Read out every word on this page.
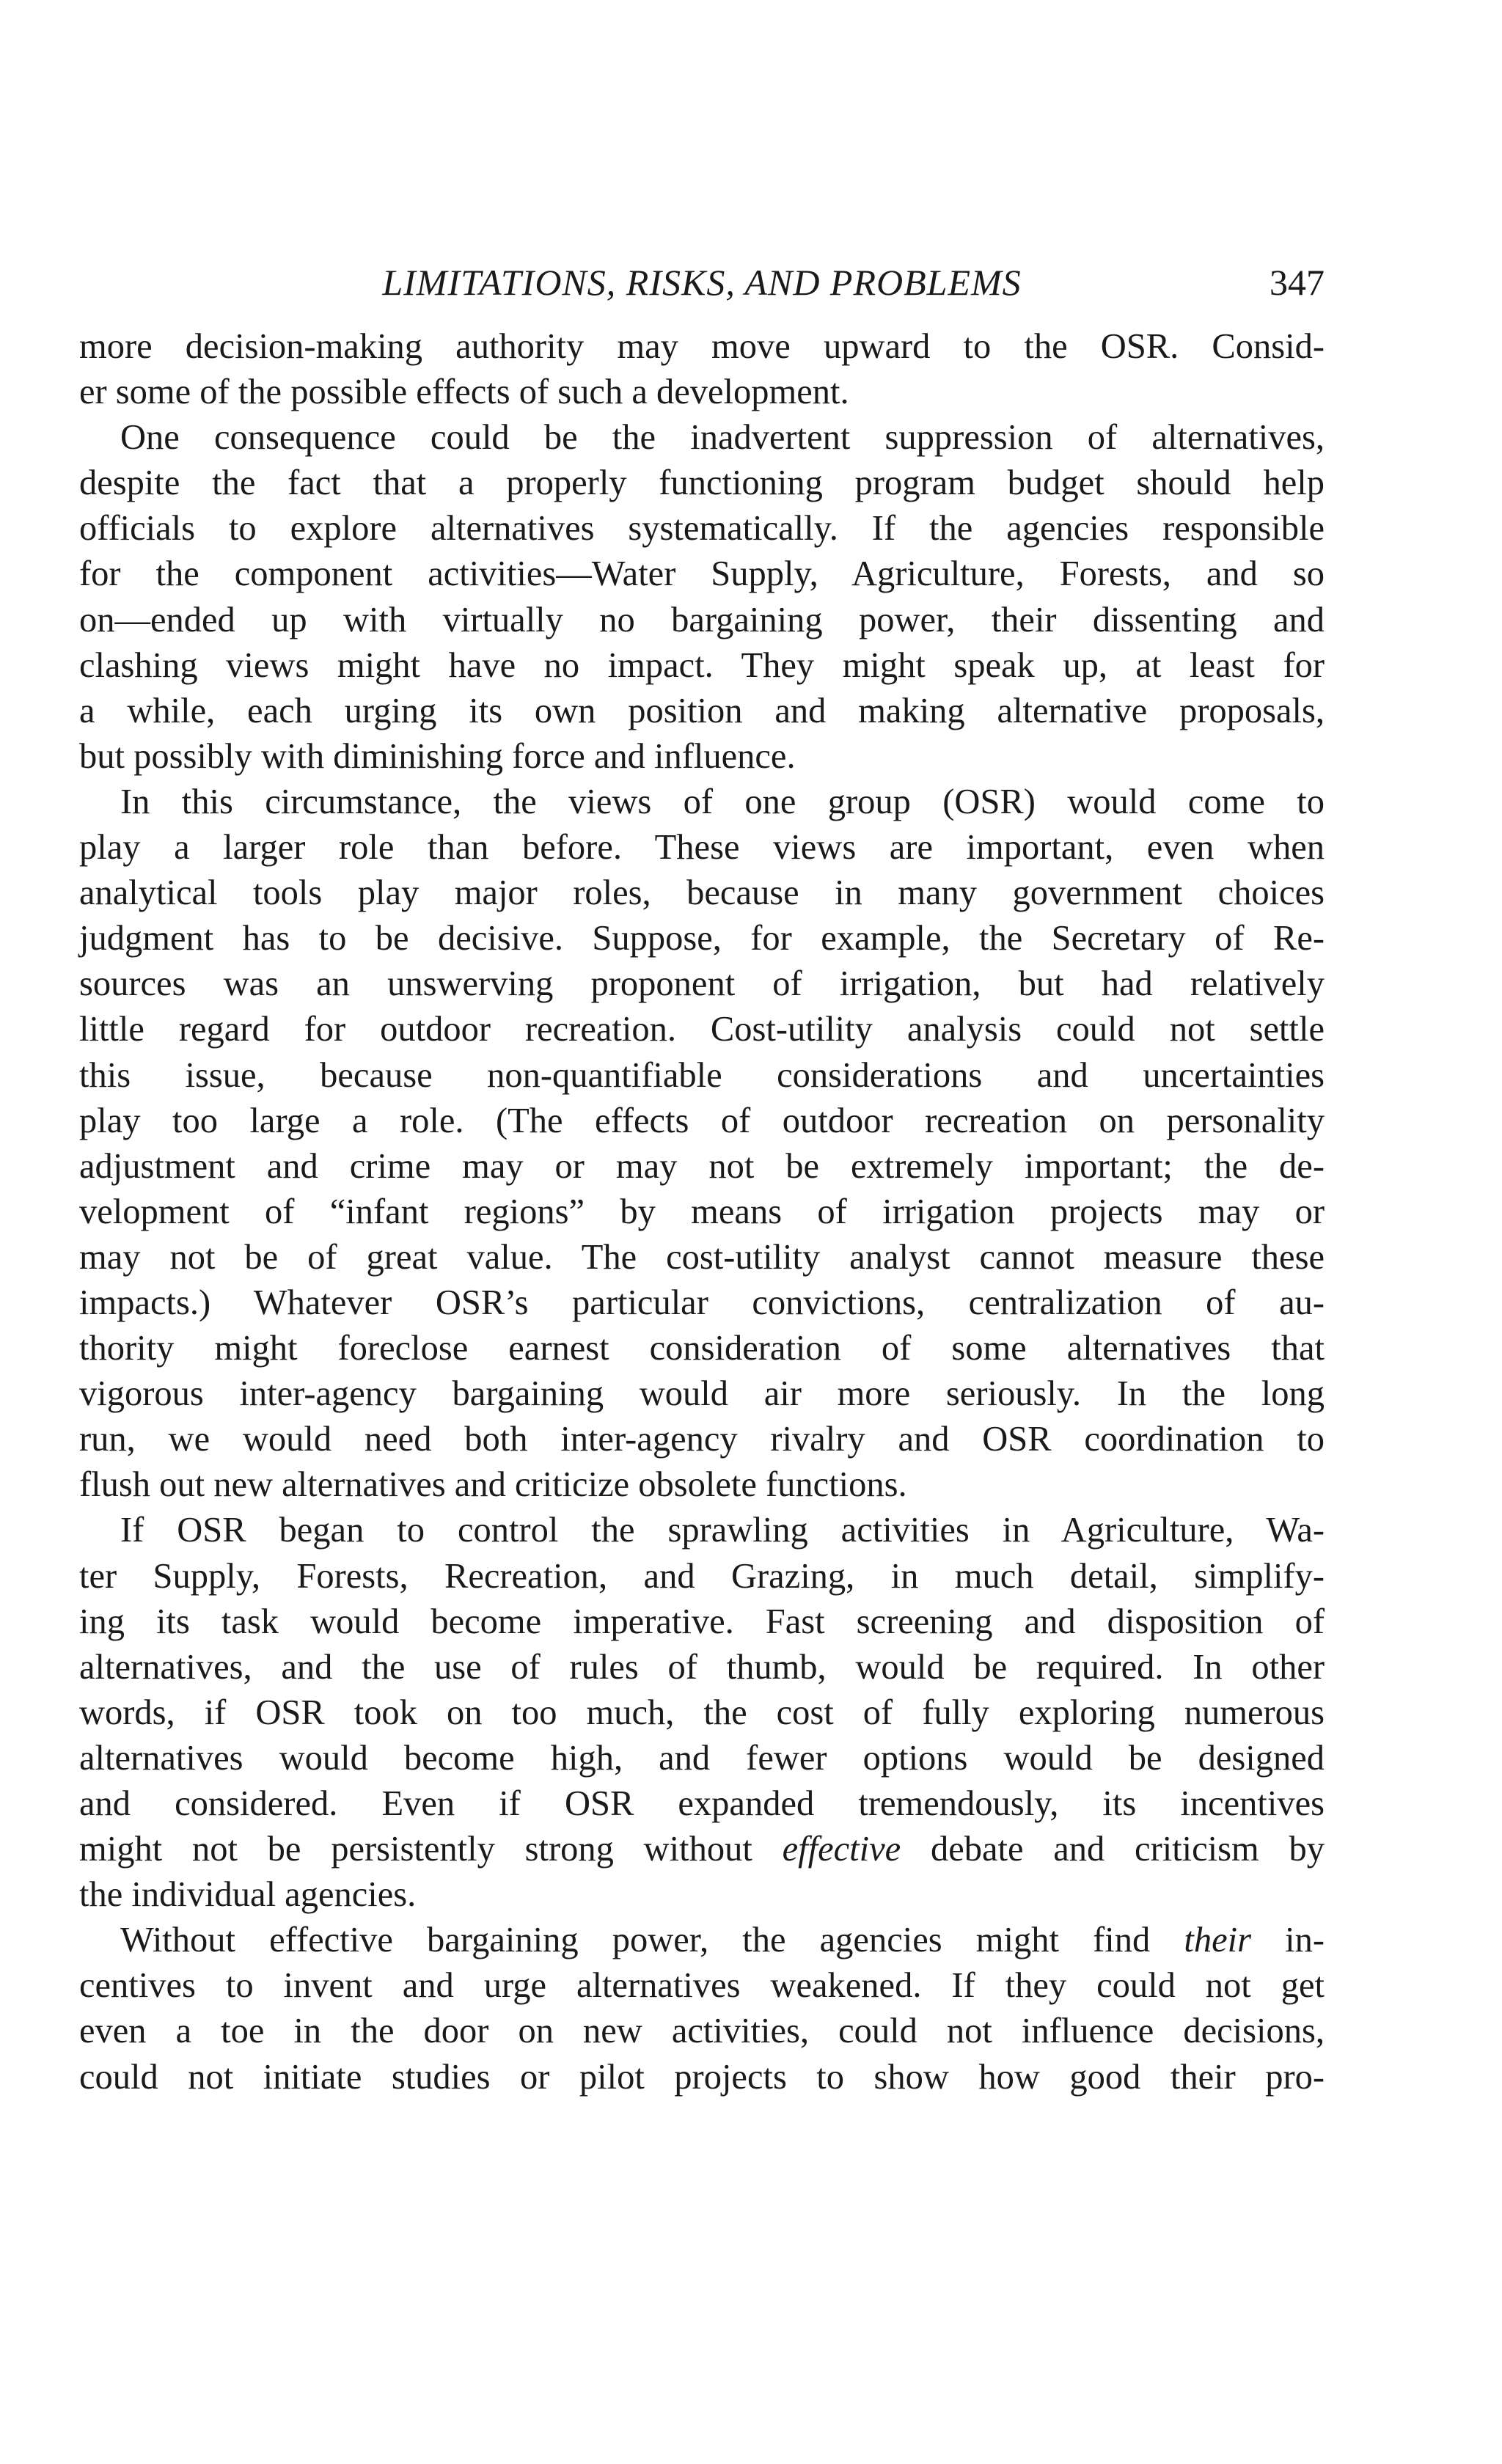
LIMITATIONS, RISKS, AND PROBLEMS	347
more decision-making authority may move upward to the OSR. Consid-
er some of the possible effects of such a development.
One consequence could be the inadvertent suppression of alternatives,
despite the fact that a properly functioning program budget should help
officials to explore alternatives systematically. If the agencies responsible
for the component activities—Water Supply, Agriculture, Forests, and so
on—ended up with virtually no bargaining power, their dissenting and
clashing views might have no impact. They might speak up, at least for
a while, each urging its own position and making alternative proposals,
but possibly with diminishing force and influence.
In this circumstance, the views of one group (OSR) would come to
play a larger role than before. These views are important, even when
analytical tools play major roles, because in many government choices
judgment has to be decisive. Suppose, for example, the Secretary of Re-
sources was an unswerving proponent of irrigation, but had relatively
little regard for outdoor recreation. Cost-utility analysis could not settle
this issue, because non-quantifiable considerations and uncertainties
play too large a role. (The effects of outdoor recreation on personality
adjustment and crime may or may not be extremely important; the de-
velopment of “infant regions” by means of irrigation projects may or
may not be of great value. The cost-utility analyst cannot measure these
impacts.) Whatever OSR’s particular convictions, centralization of au-
thority might foreclose earnest consideration of some alternatives that
vigorous inter-agency bargaining would air more seriously. In the long
run, we would need both inter-agency rivalry and OSR coordination to
flush out new alternatives and criticize obsolete functions.
If OSR began to control the sprawling activities in Agriculture, Wa-
ter Supply, Forests, Recreation, and Grazing, in much detail, simplify-
ing its task would become imperative. Fast screening and disposition of
alternatives, and the use of rules of thumb, would be required. In other
words, if OSR took on too much, the cost of fully exploring numerous
alternatives would become high, and fewer options would be designed
and considered. Even if OSR expanded tremendously, its incentives
might not be persistently strong without effective debate and criticism by
the individual agencies.
Without effective bargaining power, the agencies might find their in-
centives to invent and urge alternatives weakened. If they could not get
even a toe in the door on new activities, could not influence decisions,
could not initiate studies or pilot projects to show how good their pro-
